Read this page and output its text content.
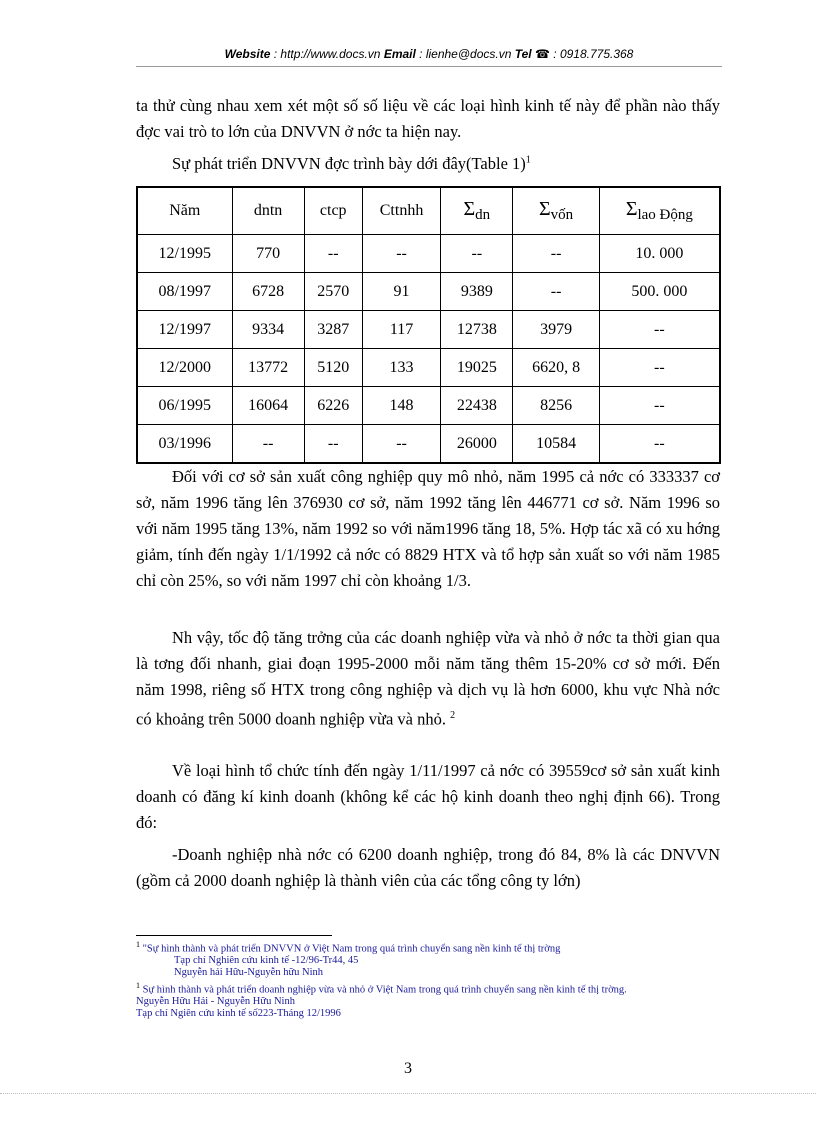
Website : http://www.docs.vn Email : lienhe@docs.vn Tel ☎ : 0918.775.368
ta thử cùng nhau xem xét một số số liệu về các loại hình kinh tế này để phần nào thấy đợc vai trò to lớn của DNVVN ở nớc ta hiện nay.
Sự phát triển DNVVN đợc trình bày dới đây(Table 1)$^1$
Năm	dntn	ctcp	Cttnhh	Σdn	Σvốn	Σlao Động
12/1995	770	--	--	--	--	10. 000
08/1997	6728	2570	91	9389	--	500. 000
12/1997	9334	3287	117	12738	3979	--
12/2000	13772	5120	133	19025	6620, 8	--
06/1995	16064	6226	148	22438	8256	--
03/1996	--	--	--	26000	10584	--
Đối với cơ sở sản xuất công nghiệp quy mô nhỏ, năm 1995 cả nớc có 333337 cơ sở, năm 1996 tăng lên 376930 cơ sở, năm 1992 tăng lên 446771 cơ sở. Năm 1996 so với năm 1995 tăng 13%, năm 1992 so với năm1996 tăng 18, 5%. Hợp tác xã có xu hớng giảm, tính đến ngày 1/1/1992 cả nớc có 8829 HTX và tổ hợp sản xuất so với năm 1985 chỉ còn 25%, so với năm 1997 chỉ còn khoảng 1/3.
Nh vậy, tốc độ tăng trởng của các doanh nghiệp vừa và nhỏ ở nớc ta thời gian qua là tơng đối nhanh, giai đoạn 1995-2000 mỗi năm tăng thêm 15-20% cơ sở mới. Đến năm 1998, riêng số HTX trong công nghiệp và dịch vụ là hơn 6000, khu vực Nhà nớc có khoảng trên 5000 doanh nghiệp vừa và nhỏ. $^2$
Về loại hình tổ chức tính đến ngày 1/11/1997 cả nớc có 39559cơ sở sản xuất kinh doanh có đăng kí kinh doanh (không kể các hộ kinh doanh theo nghị định 66). Trong đó:
-Doanh nghiệp nhà nớc có 6200 doanh nghiệp, trong đó 84, 8% là các DNVVN (gồm cả 2000 doanh nghiệp là thành viên của các tổng công ty lớn)
$^1$ "Sự hình thành và phát triển DNVVN ở Việt Nam trong quá trình chuyển sang nền kinh tế thị trờng
Tạp chí Nghiên cứu kinh tế -12/96-Tr44, 45
Nguyễn hải Hữu-Nguyễn hữu Ninh
$^1$ Sự hình thành và phát triển doanh nghiệp vừa và nhỏ ở Việt Nam trong quá trình chuyển sang nền kinh tế thị trờng.
Nguyễn Hữu Hải - Nguyễn Hữu Ninh
Tạp chí Ngiên cứu kinh tế số223-Tháng 12/1996
3
